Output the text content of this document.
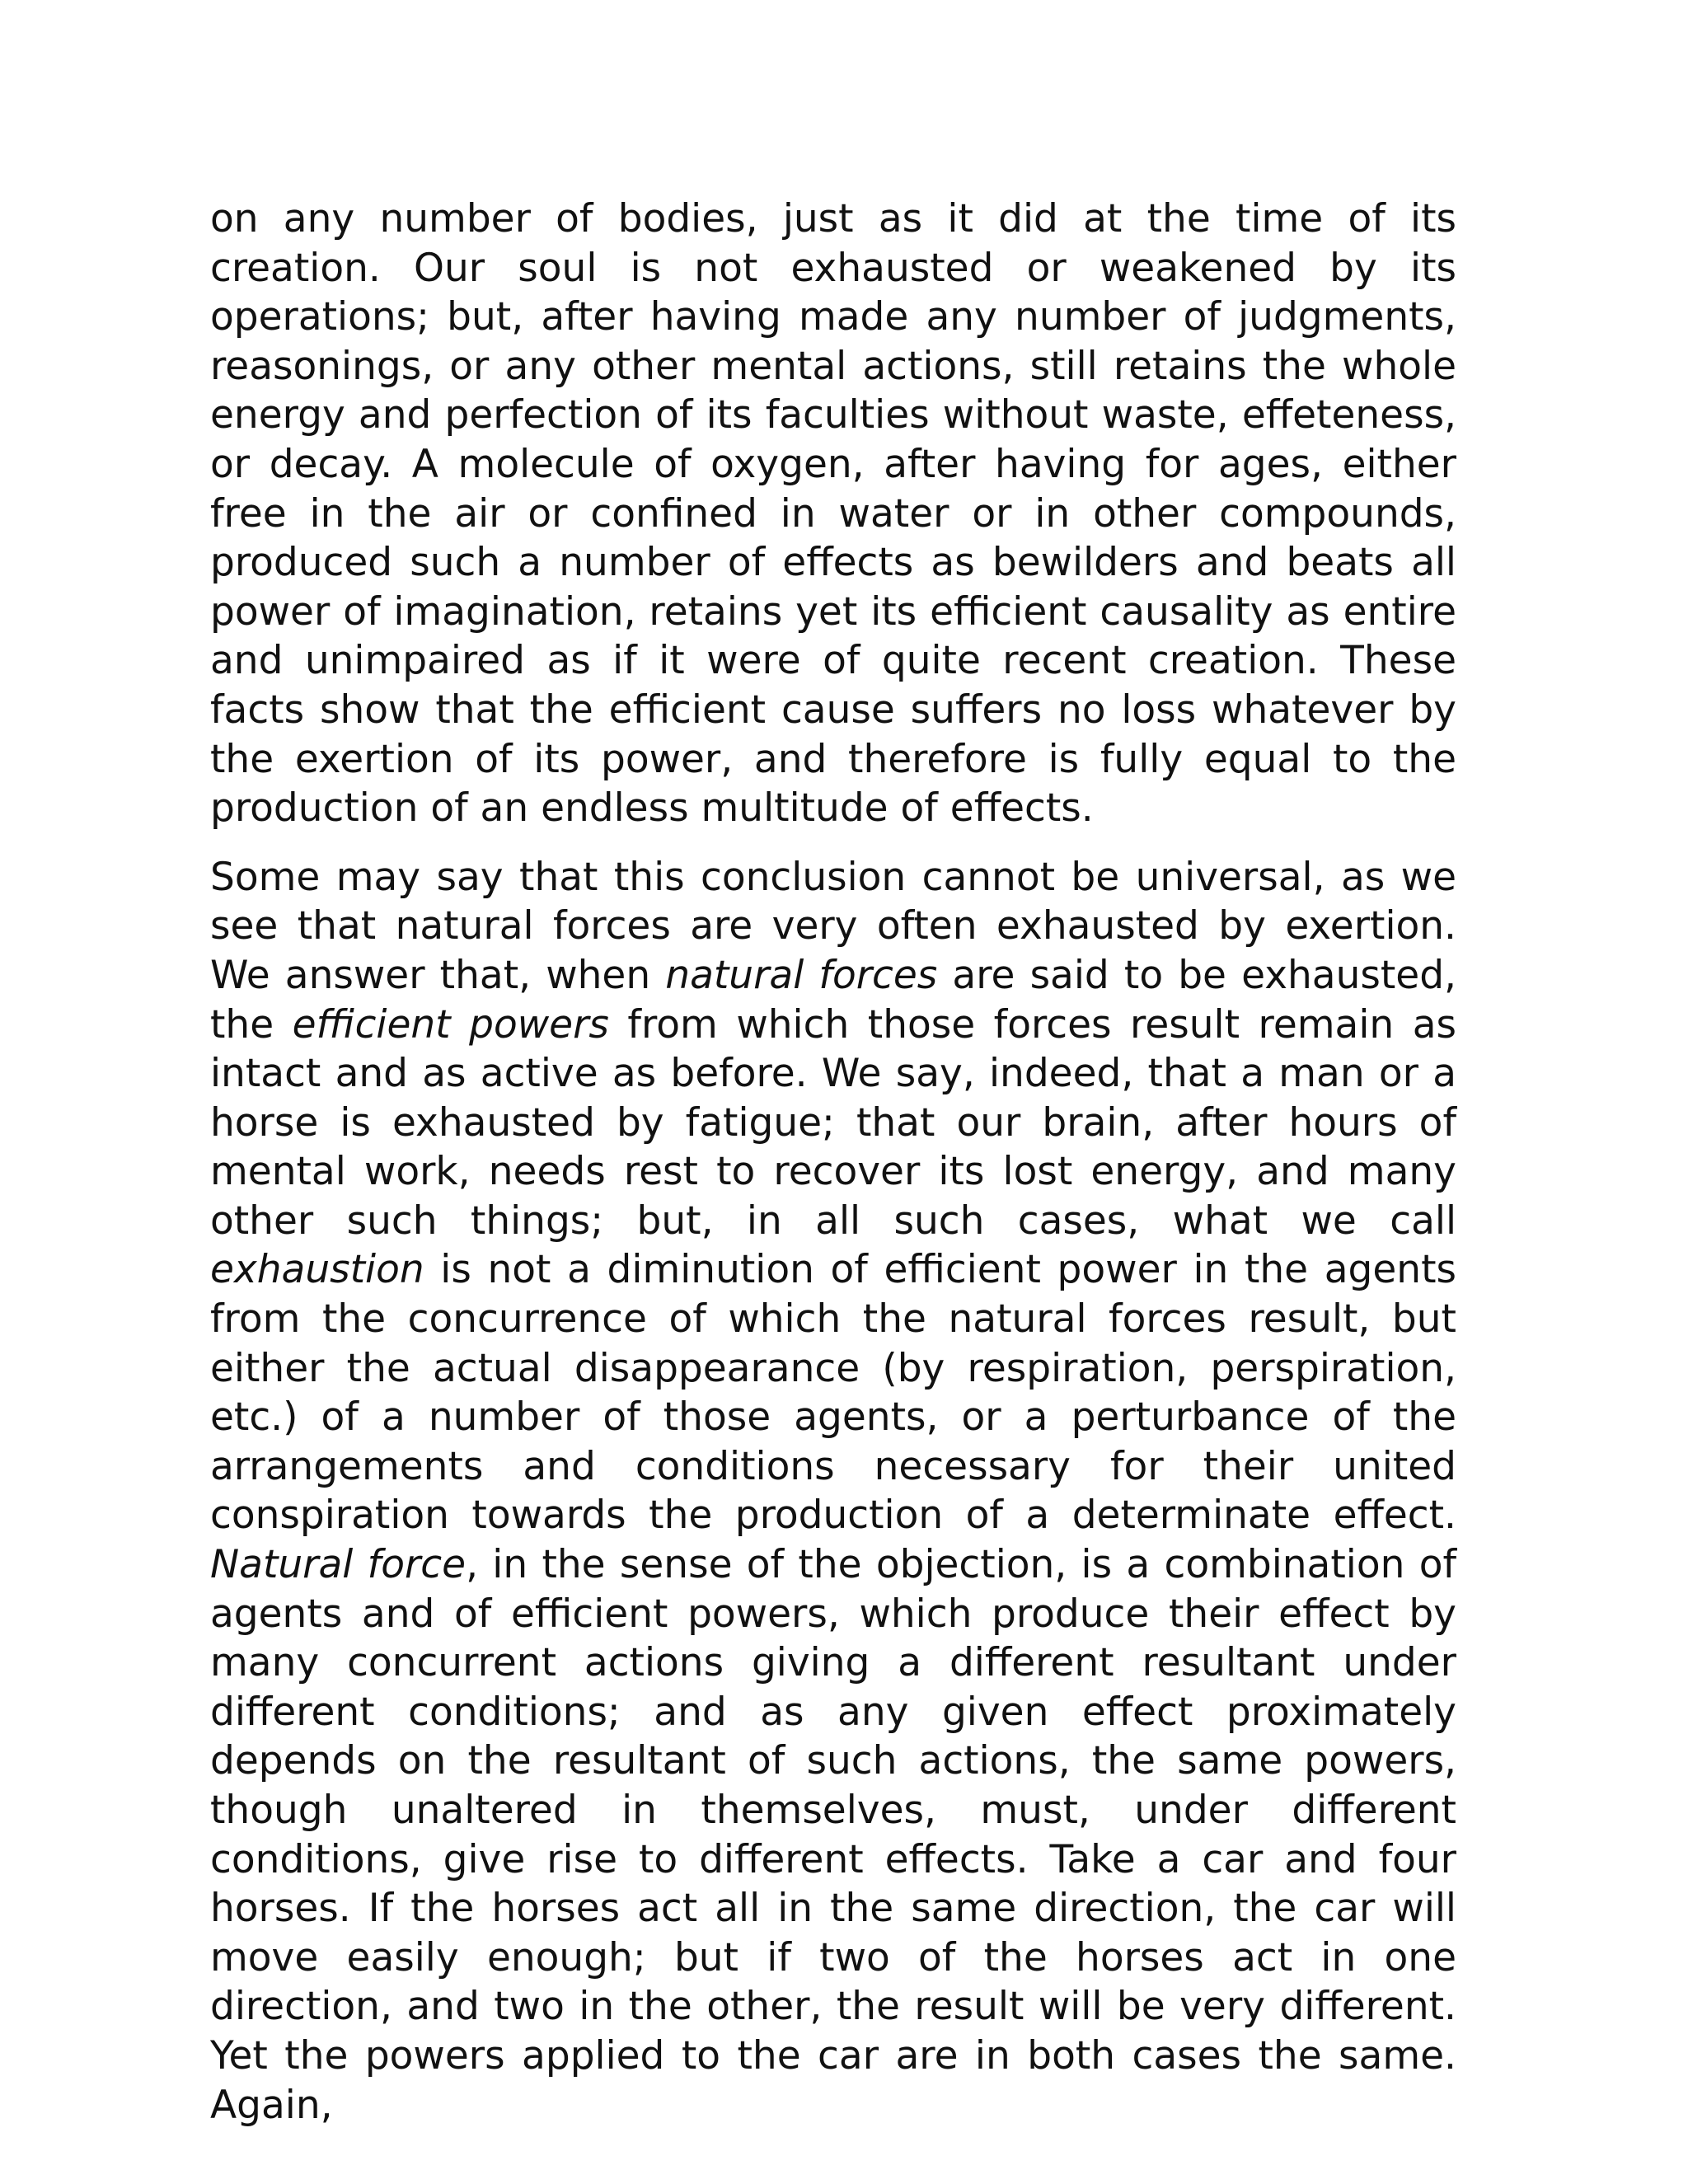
on any number of bodies, just as it did at the time of its creation. Our soul is not exhausted or weakened by its operations; but, after having made any number of judgments, reasonings, or any other mental actions, still retains the whole energy and perfection of its faculties without waste, effeteness, or decay. A molecule of oxygen, after having for ages, either free in the air or confined in water or in other compounds, produced such a number of effects as bewilders and beats all power of imagination, retains yet its efficient causality as entire and unimpaired as if it were of quite recent creation. These facts show that the efficient cause suffers no loss whatever by the exertion of its power, and therefore is fully equal to the production of an endless multitude of effects.

Some may say that this conclusion cannot be universal, as we see that natural forces are very often exhausted by exertion. We answer that, when natural forces are said to be exhausted, the efficient powers from which those forces result remain as intact and as active as before. We say, indeed, that a man or a horse is exhausted by fatigue; that our brain, after hours of mental work, needs rest to recover its lost energy, and many other such things; but, in all such cases, what we call exhaustion is not a diminution of efficient power in the agents from the concurrence of which the natural forces result, but either the actual disappearance (by respiration, perspiration, etc.) of a number of those agents, or a perturbance of the arrangements and conditions necessary for their united conspiration towards the production of a determinate effect. Natural force, in the sense of the objection, is a combination of agents and of efficient powers, which produce their effect by many concurrent actions giving a different resultant under different conditions; and as any given effect proximately depends on the resultant of such actions, the same powers, though unaltered in themselves, must, under different conditions, give rise to different effects. Take a car and four horses. If the horses act all in the same direction, the car will move easily enough; but if two of the horses act in one direction, and two in the other, the result will be very different. Yet the powers applied to the car are in both cases the same. Again,
